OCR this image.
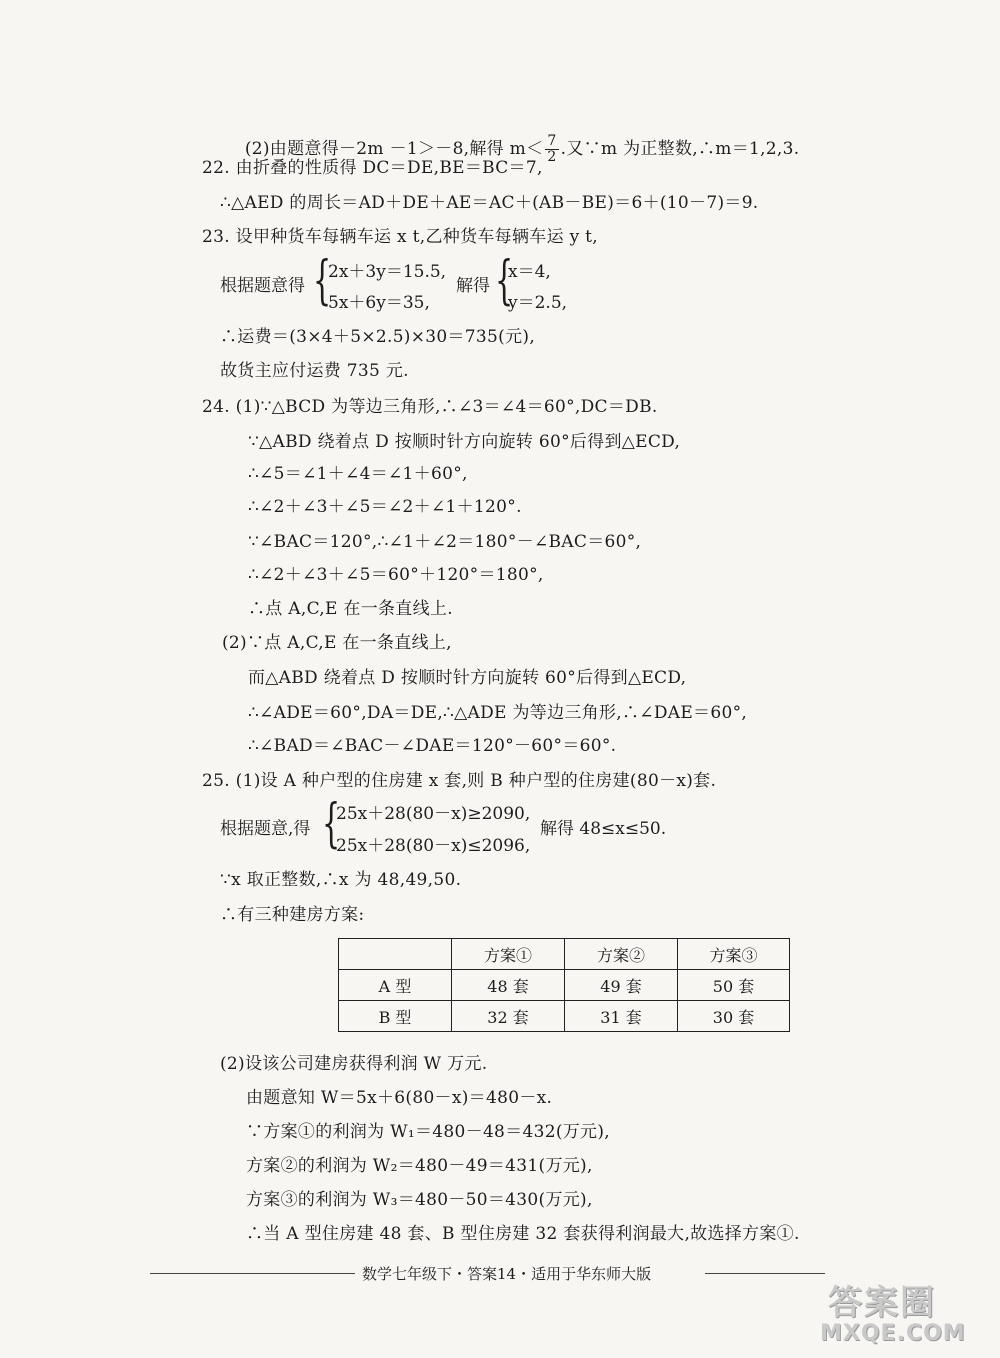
(2)由题意得－2m －1＞－8,解得 $m< \frac{7}{2}$ .又∵m 为正整数,∴m＝1,2,3.

22. 由折叠的性质得 DC＝DE,BE＝BC＝7,
∴△AED 的周长＝AD＋DE＋AE＝AC＋(AB－BE)＝6＋(10－7)＝9.
23. 设甲种货车每辆车运 x t,乙种货车每辆车运 y t,
根据题意得 {
2x＋3y＝15.5,
5x＋6y＝35,
解得 {
x＝4,
y＝2.5,
∴运费＝(3×4＋5×2.5)×30＝735(元),
故货主应付运费 735 元.
24. (1)∵△BCD 为等边三角形,∴∠3＝∠4＝60°,DC＝DB.
∵△ABD 绕着点 D 按顺时针方向旋转 60°后得到△ECD,
∴∠5＝∠1＋∠4＝∠1＋60°,
∴∠2＋∠3＋∠5＝∠2＋∠1＋120°.
∵∠BAC＝120°,∴∠1＋∠2＝180°－∠BAC＝60°,
∴∠2＋∠3＋∠5＝60°＋120°＝180°,
∴点 A,C,E 在一条直线上.
(2)∵点 A,C,E 在一条直线上,
而△ABD 绕着点 D 按顺时针方向旋转 60°后得到△ECD,
∴∠ADE＝60°,DA＝DE,∴△ADE 为等边三角形,∴∠DAE＝60°,
∴∠BAD＝∠BAC－∠DAE＝120°－60°＝60°.
25. (1)设 A 种户型的住房建 x 套,则 B 种户型的住房建(80－x)套.
根据题意,得 {
25x＋28(80－x)≥2090,
25x＋28(80－x)≤2096,
解得 48≤x≤50.
∵x 取正整数,∴x 为 48,49,50.
∴有三种建房方案:
	方案①	方案②	方案③
A 型	48 套	49 套	50 套
B 型	32 套	31 套	30 套
(2)设该公司建房获得利润 W 万元.
由题意知 W＝5x＋6(80－x)＝480－x.
∵方案①的利润为 W₁＝480－48＝432(万元),
方案②的利润为 W₂＝480－49＝431(万元),
方案③的利润为 W₃＝480－50＝430(万元),
∴当 A 型住房建 48 套、B 型住房建 32 套获得利润最大,故选择方案①.
数学七年级下・答案14・适用于华东师大版
答案圈
MXQE.COM
